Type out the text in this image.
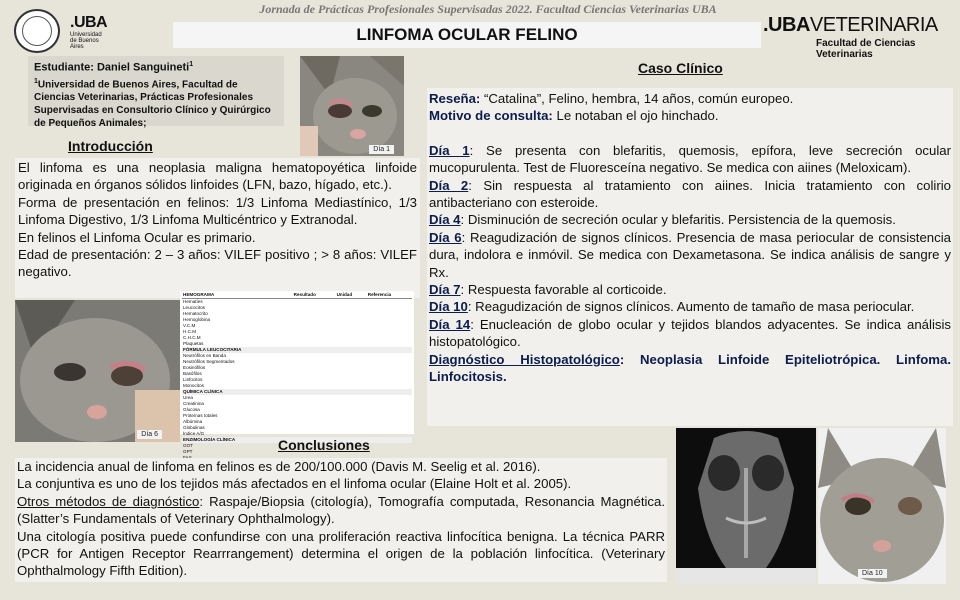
.UBA
Universidad de Buenos Aires
Jornada de Prácticas Profesionales Supervisadas 2022. Facultad Ciencias Veterinarias UBA
LINFOMA OCULAR FELINO	.UBAVETERINARIA
Facultad de Ciencias Veterinarias
Estudiante: Daniel Sanguineti$^1$
$^1$Universidad de Buenos Aires, Facultad de Ciencias Veterinarias, Prácticas Profesionales Supervisadas en Consultorio Clínico y Quirúrgico de Pequeños Animales;
Día 1
Introducción

El linfoma es una neoplasia maligna hematopoyética linfoide originada en órganos sólidos linfoides (LFN, bazo, hígado, etc.).

Forma de presentación en felinos: 1/3 Linfoma Mediastínico, 1/3 Linfoma Digestivo, 1/3 Linfoma Multicéntrico y Extranodal.

En felinos el Linfoma Ocular es primario.

Edad de presentación: 2 – 3 años: VILEF positivo ; > 8 años: VILEF negativo.

Día 6
HEMOGRAMA		Resultado	Unidad	Referencia
Hematíes				
Leucocitos				
Hematocrito				
Hemoglobina				
V.C.M				
H.C.M				
C.H.C.M				
Plaquetas				
FÓRMULA LEUCOCITARIA				
Neutrófilos en Banda				
Neutrófilos Segmentados				
Eosinófilos				
Basófilos				
Linfocitos				
Monocitos				
QUÍMICA CLÍNICA				
Urea				
Creatinina				
Glucosa				
Proteínas totales				
Albúmina				
Globulinas				
Índice A/G				
ENZIMOLOGÍA CLÍNICA				
GOT				
GPT				

Caso Clínico
Reseña: “Catalina”, Felino, hembra, 14 años, común europeo.
Motivo de consulta: Le notaban el ojo hinchado.
Día 1: Se presenta con blefaritis, quemosis, epífora, leve secreción ocular mucopurulenta. Test de Fluoresceína negativo. Se medica con aiines (Meloxicam).
Día 2: Sin respuesta al tratamiento con aiines. Inicia tratamiento con colirio antibacteriano con esteroide.
Día 4: Disminución de secreción ocular y blefaritis. Persistencia de la quemosis.
Día 6: Reagudización de signos clínicos. Presencia de masa periocular de consistencia dura, indolora e inmóvil. Se medica con Dexametasona. Se indica análisis de sangre y Rx.
Día 7: Respuesta favorable al corticoide.
Día 10: Reagudización de signos clínicos. Aumento de tamaño de masa periocular.
Día 14: Enucleación de globo ocular y tejidos blandos adyacentes. Se indica análisis histopatológico.
Diagnóstico Histopatológico: Neoplasia Linfoide Epiteliotrópica. Linfoma. Linfocitosis.
Conclusiones
La incidencia anual de linfoma en felinos es de 200/100.000 (Davis M. Seelig et al. 2016).
La conjuntiva es uno de los tejidos más afectados en el linfoma ocular (Elaine Holt et al. 2005).
Otros métodos de diagnóstico: Raspaje/Biopsia (citología), Tomografía computada, Resonancia Magnética. (Slatter’s Fundamentals of Veterinary Ophthalmology).
Una citología positiva puede confundirse con una proliferación reactiva linfocítica benigna. La técnica PARR (PCR for Antigen Receptor Rearrrangement) determina el origen de la población linfocítica. (Veterinary Ophthalmology Fifth Edition).	Día 10
